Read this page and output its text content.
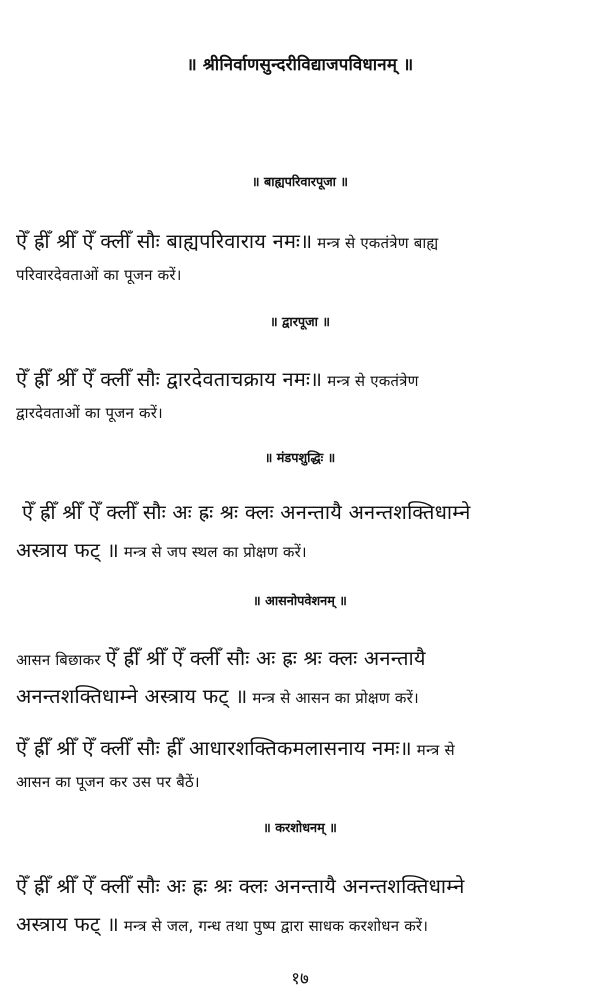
॥ श्रीनिर्वाणसुन्दरीविद्याजपविधानम् ॥
॥ बाह्यपरिवारपूजा ॥
ऐँ ह्रीँ श्रीँ ऐँ क्लीँ सौः बाह्यपरिवाराय नमः॥ मन्त्र से एकतंत्रेण बाह्य
परिवारदेवताओं का पूजन करें।
॥ द्वारपूजा ॥
ऐँ ह्रीँ श्रीँ ऐँ क्लीँ सौः द्वारदेवताचक्राय नमः॥ मन्त्र से एकतंत्रेण
द्वारदेवताओं का पूजन करें।
॥ मंडपशुद्धिः ॥
ऐँ ह्रीँ श्रीँ ऐँ क्लीँ सौः अः ह्रः श्रः क्लः अनन्तायै अनन्तशक्तिधाम्ने
अस्त्राय फट् ॥ मन्त्र से जप स्थल का प्रोक्षण करें।
॥ आसनोपवेशनम् ॥
आसन बिछाकर ऐँ ह्रीँ श्रीँ ऐँ क्लीँ सौः अः ह्रः श्रः क्लः अनन्तायै
अनन्तशक्तिधाम्ने अस्त्राय फट् ॥ मन्त्र से आसन का प्रोक्षण करें।
ऐँ ह्रीँ श्रीँ ऐँ क्लीँ सौः ह्रीँ आधारशक्तिकमलासनाय नमः॥ मन्त्र से
आसन का पूजन कर उस पर बैठें।
॥ करशोधनम् ॥
ऐँ ह्रीँ श्रीँ ऐँ क्लीँ सौः अः ह्रः श्रः क्लः अनन्तायै अनन्तशक्तिधाम्ने
अस्त्राय फट् ॥ मन्त्र से जल, गन्ध तथा पुष्प द्वारा साधक करशोधन करें।
१७
